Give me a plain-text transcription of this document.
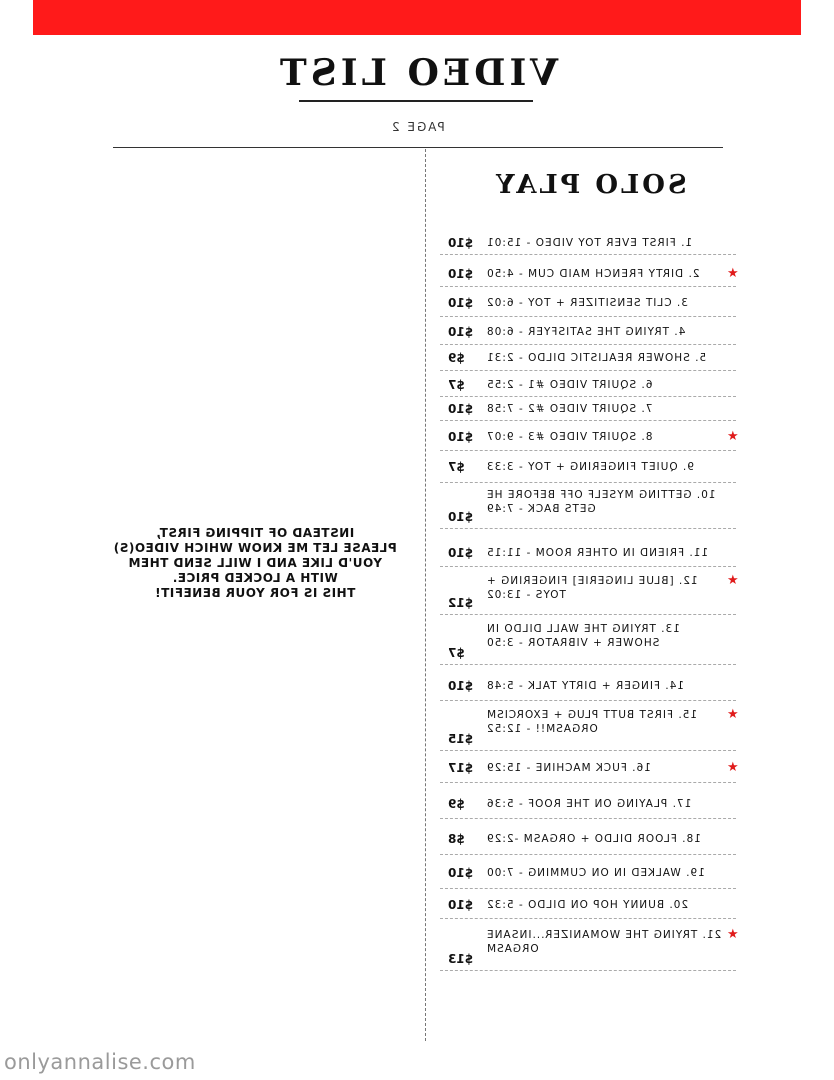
VIDEO LIST
PAGE 2
SOLO PLAY
$10 1. FIRST EVER TOY VIDEO - 15:01
$10 2. DIRTY FRENCH MAID CUM - 4:50	★
$10 3. CLIT SENSITIZER + TOY - 6:02
$10 4. TRYING THE SATISFYER - 6:08
$9 5. SHOWER REALISTIC DILDO - 2:31
$7 6. SQUIRT VIDEO #1 - 2:55
$10 7. SQUIRT VIDEO #2 - 7:58
$10 8. SQUIRT VIDEO #3 - 9:07	★
$7 9. QUIET FINGERING + TOY - 3:33
$10
10. GETTING MYSELF OFF BEFORE HE
GETS BACK - 7:49
$10 11. FRIEND IN OTHER ROOM - 11:15
$12
12. [BLUE LINGERIE] FINGERING +
TOYS - 13:02
★
$7
13. TRYING THE WALL DILDO IN
SHOWER + VIBRATOR - 3:50
$10 14. FINGER + DIRTY TALK - 5:48
$15
15. FIRST BUTT PLUG + EXORCISM
ORGASM!! - 12:52
★
$17 16. FUCK MACHINE - 15:29	★
$9 17. PLAYING ON THE ROOF - 5:36
$8 18. FLOOR DILDO + ORGASM -2:29
$10 19. WALKED IN ON CUMMING - 7:00
$10 20. BUNNY HOP ON DILDO - 5:32
$13
21. TRYING THE WOMANIZER...INSANE
ORGASM
★
INSTEAD OF TIPPING FIRST,
PLEASE LET ME KNOW WHICH VIDEO(S)
YOU'D LIKE AND I WILL SEND THEM
WITH A LOCKED PRICE.
THIS IS FOR YOUR BENEFIT!
onlyannalise.com
